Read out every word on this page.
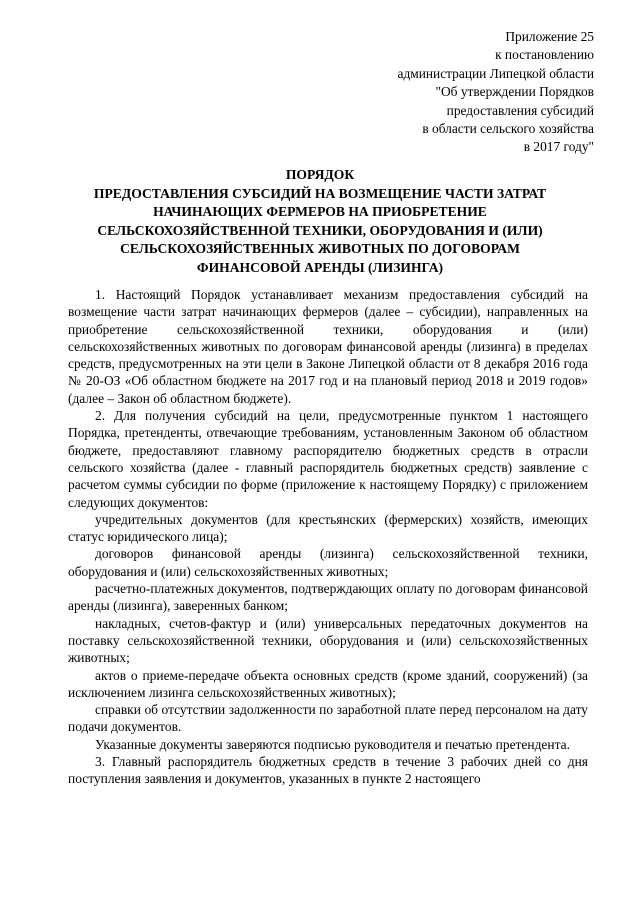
Приложение 25
к постановлению
администрации Липецкой области
"Об утверждении Порядков
предоставления субсидий
в области сельского хозяйства
в 2017 году"
ПОРЯДОК
ПРЕДОСТАВЛЕНИЯ СУБСИДИЙ НА ВОЗМЕЩЕНИЕ ЧАСТИ ЗАТРАТ
НАЧИНАЮЩИХ ФЕРМЕРОВ НА ПРИОБРЕТЕНИЕ
СЕЛЬСКОХОЗЯЙСТВЕННОЙ ТЕХНИКИ, ОБОРУДОВАНИЯ И (ИЛИ)
СЕЛЬСКОХОЗЯЙСТВЕННЫХ ЖИВОТНЫХ ПО ДОГОВОРАМ
ФИНАНСОВОЙ АРЕНДЫ (ЛИЗИНГА)

1. Настоящий Порядок устанавливает механизм предоставления субсидий на возмещение части затрат начинающих фермеров (далее – субсидии), направленных на приобретение сельскохозяйственной техники, оборудования и (или) сельскохозяйственных животных по договорам финансовой аренды (лизинга) в пределах средств, предусмотренных на эти цели в Законе Липецкой области от 8 декабря 2016 года № 20-ОЗ «Об областном бюджете на 2017 год и на плановый период 2018 и 2019 годов» (далее – Закон об областном бюджете).

2. Для получения субсидий на цели, предусмотренные пунктом 1 настоящего Порядка, претенденты, отвечающие требованиям, установленным Законом об областном бюджете, предоставляют главному распорядителю бюджетных средств в отрасли сельского хозяйства (далее - главный распорядитель бюджетных средств) заявление с расчетом суммы субсидии по форме (приложение к настоящему Порядку) с приложением следующих документов:

учредительных документов (для крестьянских (фермерских) хозяйств, имеющих статус юридического лица);

договоров финансовой аренды (лизинга) сельскохозяйственной техники, оборудования и (или) сельскохозяйственных животных;

расчетно-платежных документов, подтверждающих оплату по договорам финансовой аренды (лизинга), заверенных банком;

накладных, счетов-фактур и (или) универсальных передаточных документов на поставку сельскохозяйственной техники, оборудования и (или) сельскохозяйственных животных;

актов о приеме-передаче объекта основных средств (кроме зданий, сооружений) (за исключением лизинга сельскохозяйственных животных);

справки об отсутствии задолженности по заработной плате перед персоналом на дату подачи документов.

Указанные документы заверяются подписью руководителя и печатью претендента.

3. Главный распорядитель бюджетных средств в течение 3 рабочих дней со дня поступления заявления и документов, указанных в пункте 2 настоящего
